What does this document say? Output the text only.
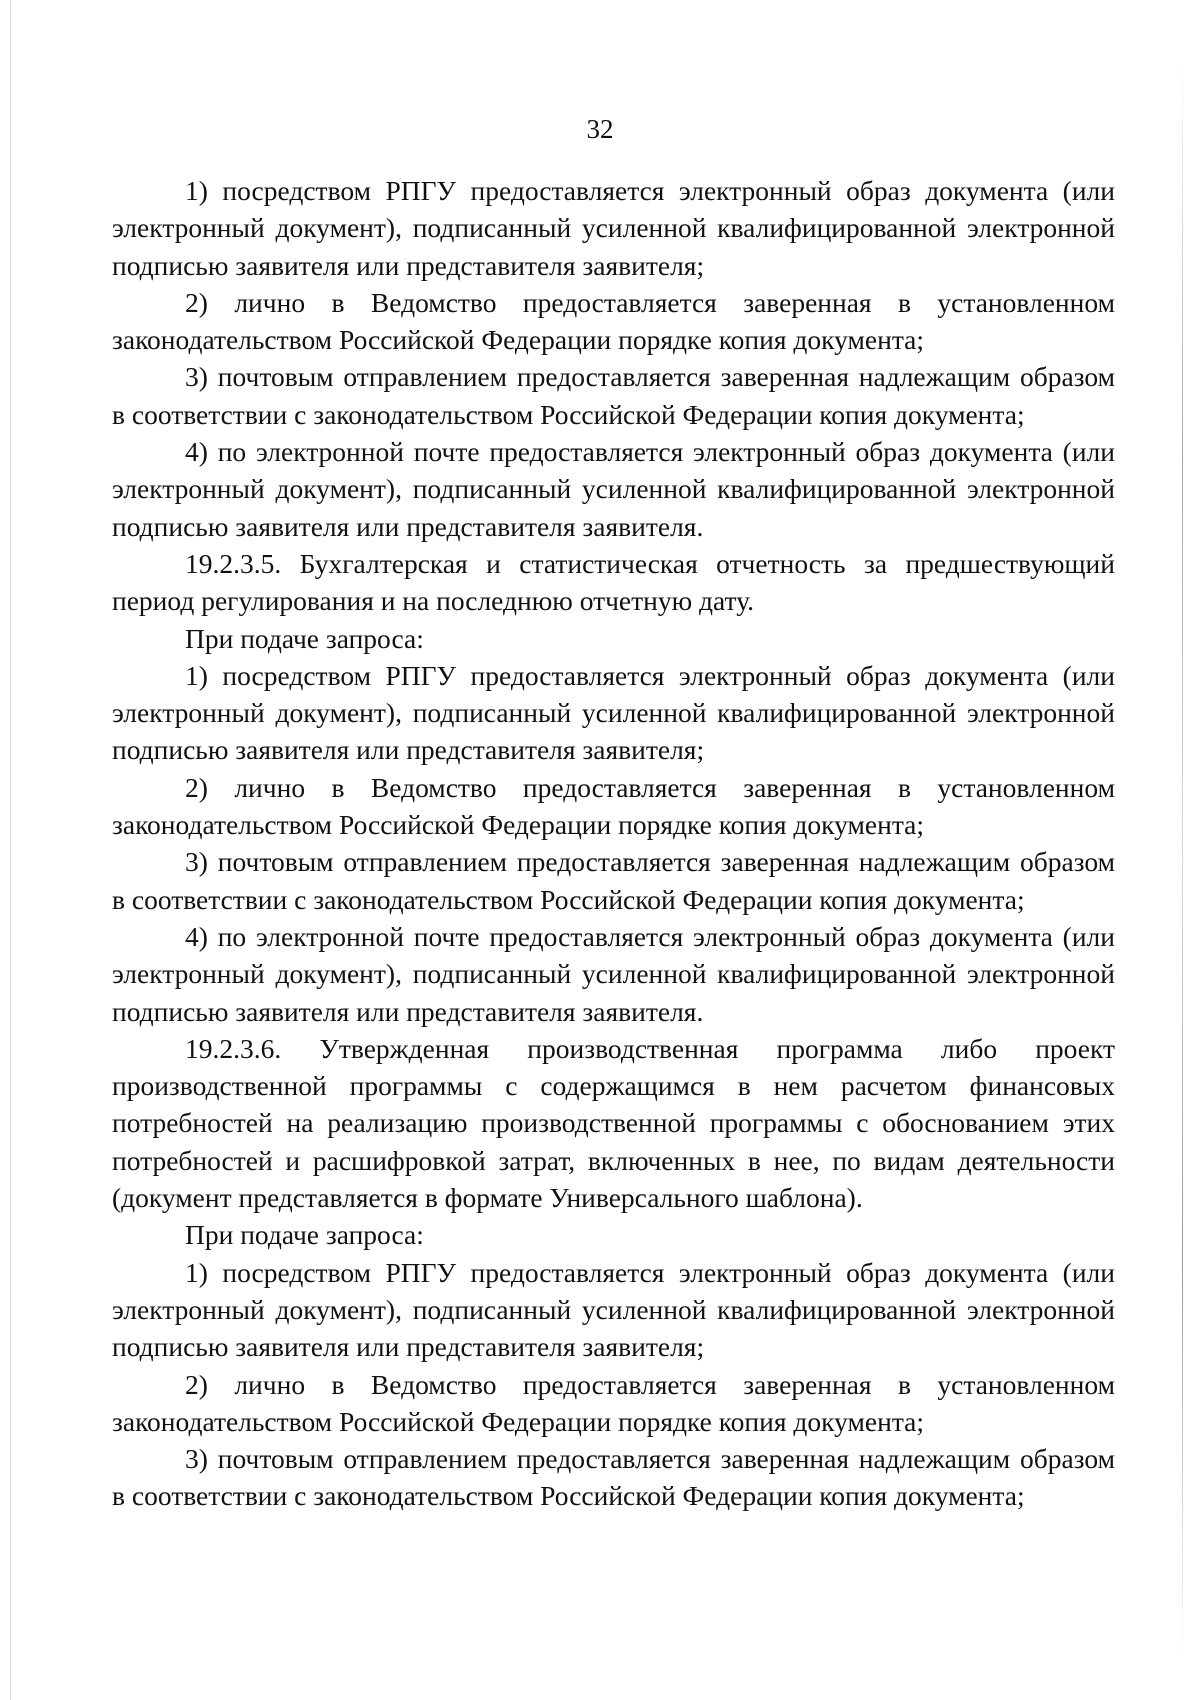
32

1) посредством РПГУ предоставляется электронный образ документа (или электронный документ), подписанный усиленной квалифицированной электронной подписью заявителя или представителя заявителя;

2) лично в Ведомство предоставляется заверенная в установленном законодательством Российской Федерации порядке копия документа;

3) почтовым отправлением предоставляется заверенная надлежащим образом в соответствии с законодательством Российской Федерации копия документа;

4) по электронной почте предоставляется электронный образ документа (или электронный документ), подписанный усиленной квалифицированной электронной подписью заявителя или представителя заявителя.

19.2.3.5. Бухгалтерская и статистическая отчетность за предшествующий период регулирования и на последнюю отчетную дату.

При подаче запроса:

1) посредством РПГУ предоставляется электронный образ документа (или электронный документ), подписанный усиленной квалифицированной электронной подписью заявителя или представителя заявителя;

2) лично в Ведомство предоставляется заверенная в установленном законодательством Российской Федерации порядке копия документа;

3) почтовым отправлением предоставляется заверенная надлежащим образом в соответствии с законодательством Российской Федерации копия документа;

4) по электронной почте предоставляется электронный образ документа (или электронный документ), подписанный усиленной квалифицированной электронной подписью заявителя или представителя заявителя.

19.2.3.6. Утвержденная производственная программа либо проект производственной программы с содержащимся в нем расчетом финансовых потребностей на реализацию производственной программы с обоснованием этих потребностей и расшифровкой затрат, включенных в нее, по видам деятельности (документ представляется в формате Универсального шаблона).

При подаче запроса:

1) посредством РПГУ предоставляется электронный образ документа (или электронный документ), подписанный усиленной квалифицированной электронной подписью заявителя или представителя заявителя;

2) лично в Ведомство предоставляется заверенная в установленном законодательством Российской Федерации порядке копия документа;

3) почтовым отправлением предоставляется заверенная надлежащим образом в соответствии с законодательством Российской Федерации копия документа;
